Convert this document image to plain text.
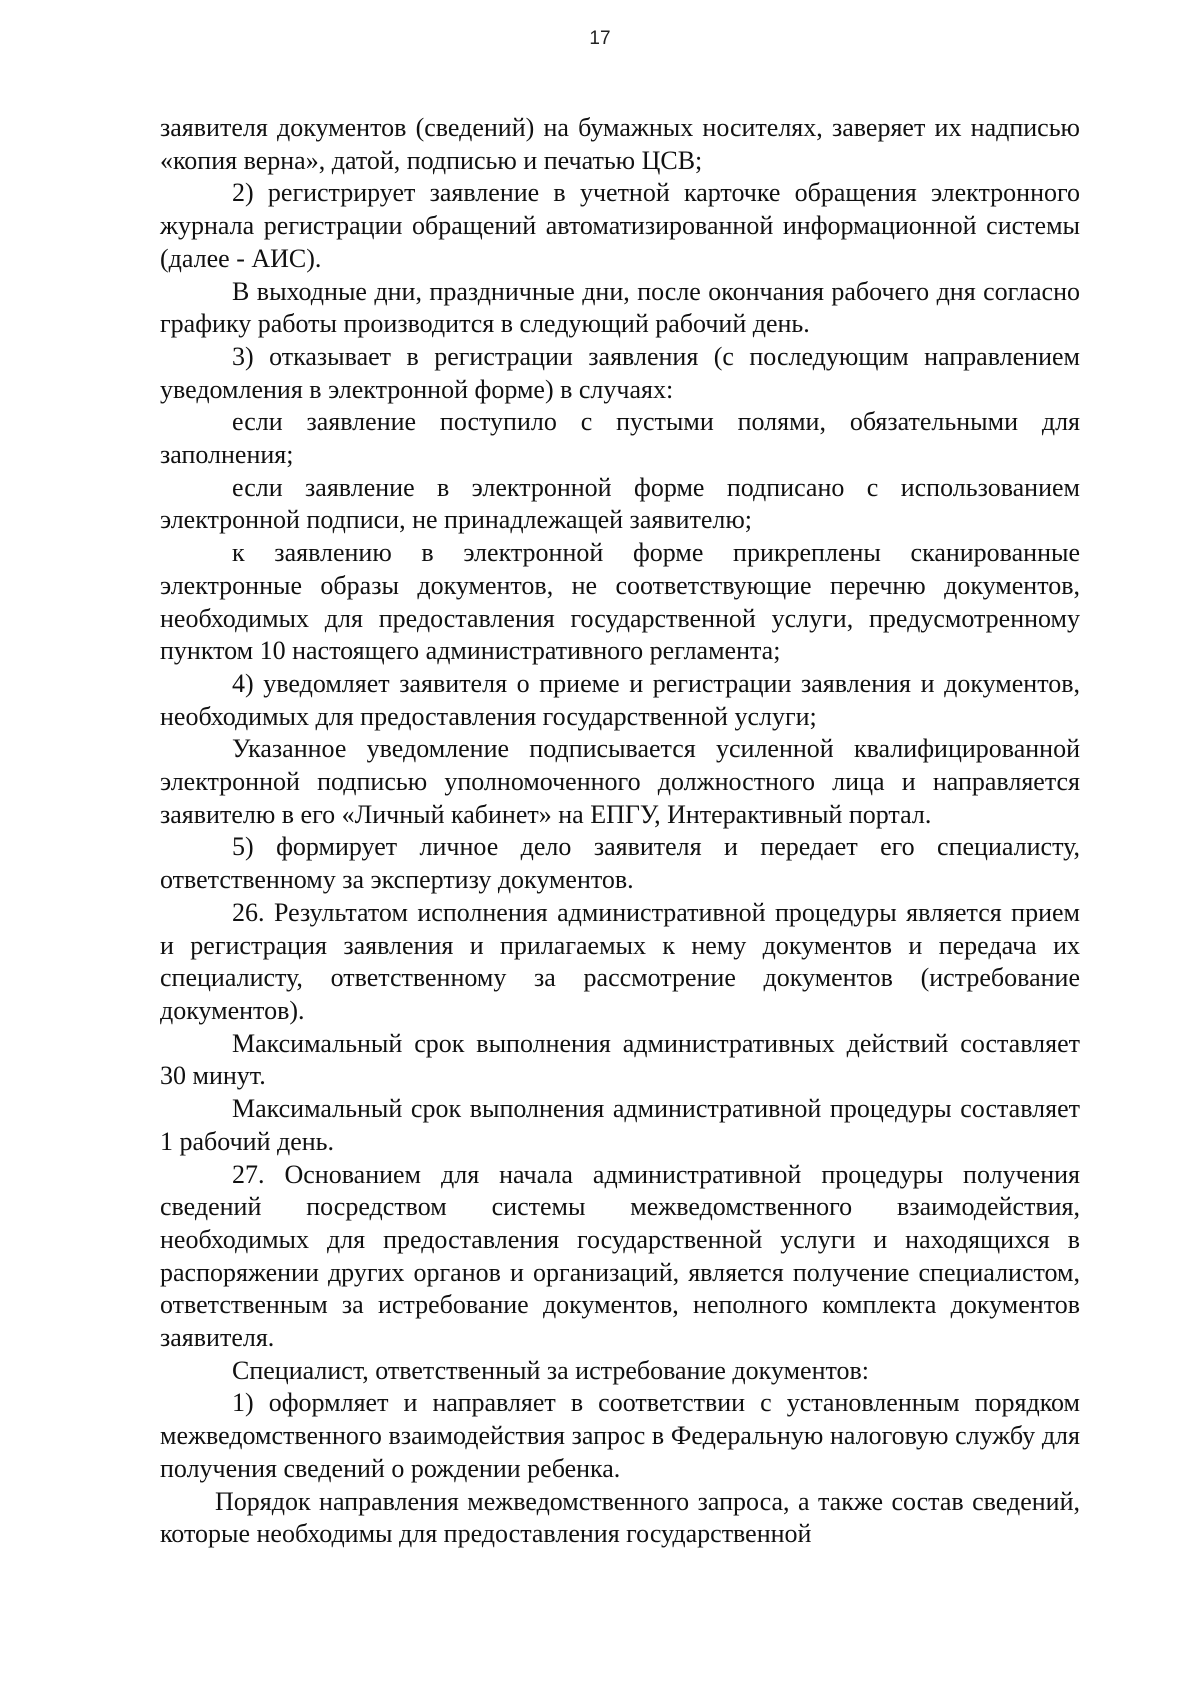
17

заявителя документов (сведений) на бумажных носителях, заверяет их надписью «копия верна», датой, подписью и печатью ЦСВ;

2) регистрирует заявление в учетной карточке обращения электронного журнала регистрации обращений автоматизированной информационной системы (далее - АИС).

В выходные дни, праздничные дни, после окончания рабочего дня согласно графику работы производится в следующий рабочий день.

3) отказывает в регистрации заявления (с последующим направлением уведомления в электронной форме) в случаях:

если заявление поступило с пустыми полями, обязательными для заполнения;

если заявление в электронной форме подписано с использованием электронной подписи, не принадлежащей заявителю;

к заявлению в электронной форме прикреплены сканированные электронные образы документов, не соответствующие перечню документов, необходимых для предоставления государственной услуги, предусмотренному пунктом 10 настоящего административного регламента;

4) уведомляет заявителя о приеме и регистрации заявления и документов, необходимых для предоставления государственной услуги;

Указанное уведомление подписывается усиленной квалифицированной электронной подписью уполномоченного должностного лица и направляется заявителю в его «Личный кабинет» на ЕПГУ, Интерактивный портал.

5) формирует личное дело заявителя и передает его специалисту, ответственному за экспертизу документов.

26. Результатом исполнения административной процедуры является прием и регистрация заявления и прилагаемых к нему документов и передача их специалисту, ответственному за рассмотрение документов (истребование документов).

Максимальный срок выполнения административных действий составляет 30 минут.

Максимальный срок выполнения административной процедуры составляет 1 рабочий день.

27. Основанием для начала административной процедуры получения сведений посредством системы межведомственного взаимодействия, необходимых для предоставления государственной услуги и находящихся в распоряжении других органов и организаций, является получение специалистом, ответственным за истребование документов, неполного комплекта документов заявителя.

Специалист, ответственный за истребование документов:

1) оформляет и направляет в соответствии с установленным порядком межведомственного взаимодействия запрос в Федеральную налоговую службу для получения сведений о рождении ребенка.

Порядок направления межведомственного запроса, а также состав сведений, которые необходимы для предоставления государственной
